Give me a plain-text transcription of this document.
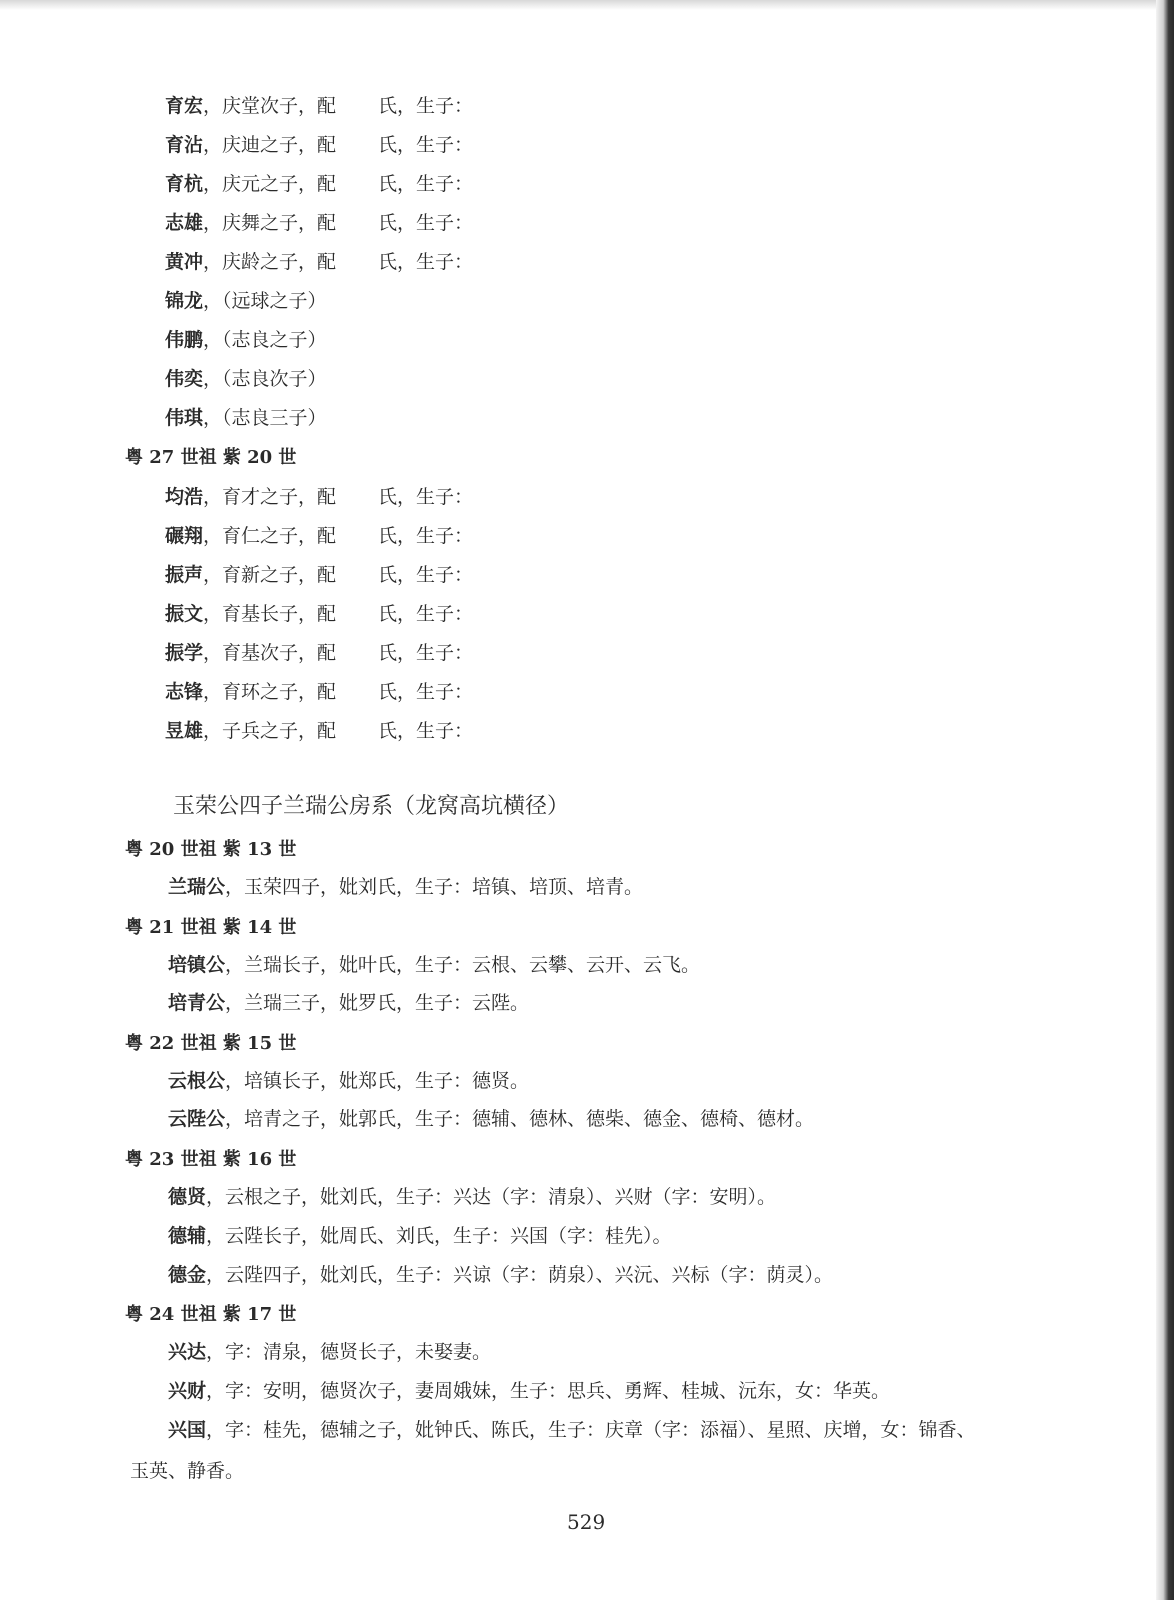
育宏，庆堂次子，配 氏，生子：
育沾，庆迪之子，配 氏，生子：
育杭，庆元之子，配 氏，生子：
志雄，庆舞之子，配 氏，生子：
黄冲，庆龄之子，配 氏，生子：
锦龙，（远球之子）
伟鹏，（志良之子）
伟奕，（志良次子）
伟琪，（志良三子）
粤 27 世祖 紫 20 世
均浩，育才之子，配 氏，生子：
碾翔，育仁之子，配 氏，生子：
振声，育新之子，配 氏，生子：
振文，育基长子，配 氏，生子：
振学，育基次子，配 氏，生子：
志锋，育环之子，配 氏，生子：
昱雄，子兵之子，配 氏，生子：
玉荣公四子兰瑞公房系（龙窝高坑横径）
粤 20 世祖 紫 13 世
兰瑞公，玉荣四子，妣刘氏，生子：培镇、培顶、培青。
粤 21 世祖 紫 14 世
培镇公，兰瑞长子，妣叶氏，生子：云根、云攀、云开、云飞。
培青公，兰瑞三子，妣罗氏，生子：云陛。
粤 22 世祖 紫 15 世
云根公，培镇长子，妣郑氏，生子：德贤。
云陛公，培青之子，妣郭氏，生子：德辅、德林、德柴、德金、德椅、德材。
粤 23 世祖 紫 16 世
德贤，云根之子，妣刘氏，生子：兴达（字：清泉）、兴财（字：安明）。
德辅，云陛长子，妣周氏、刘氏，生子：兴国（字：桂先）。
德金，云陛四子，妣刘氏，生子：兴谅（字：荫泉）、兴沅、兴标（字：荫灵）。
粤 24 世祖 紫 17 世
兴达，字：清泉，德贤长子，未娶妻。
兴财，字：安明，德贤次子，妻周娥妹，生子：思兵、勇辉、桂城、沅东，女：华英。
兴国，字：桂先，德辅之子，妣钟氏、陈氏，生子：庆章（字：添福）、星照、庆增，女：锦香、
玉英、静香。
529
